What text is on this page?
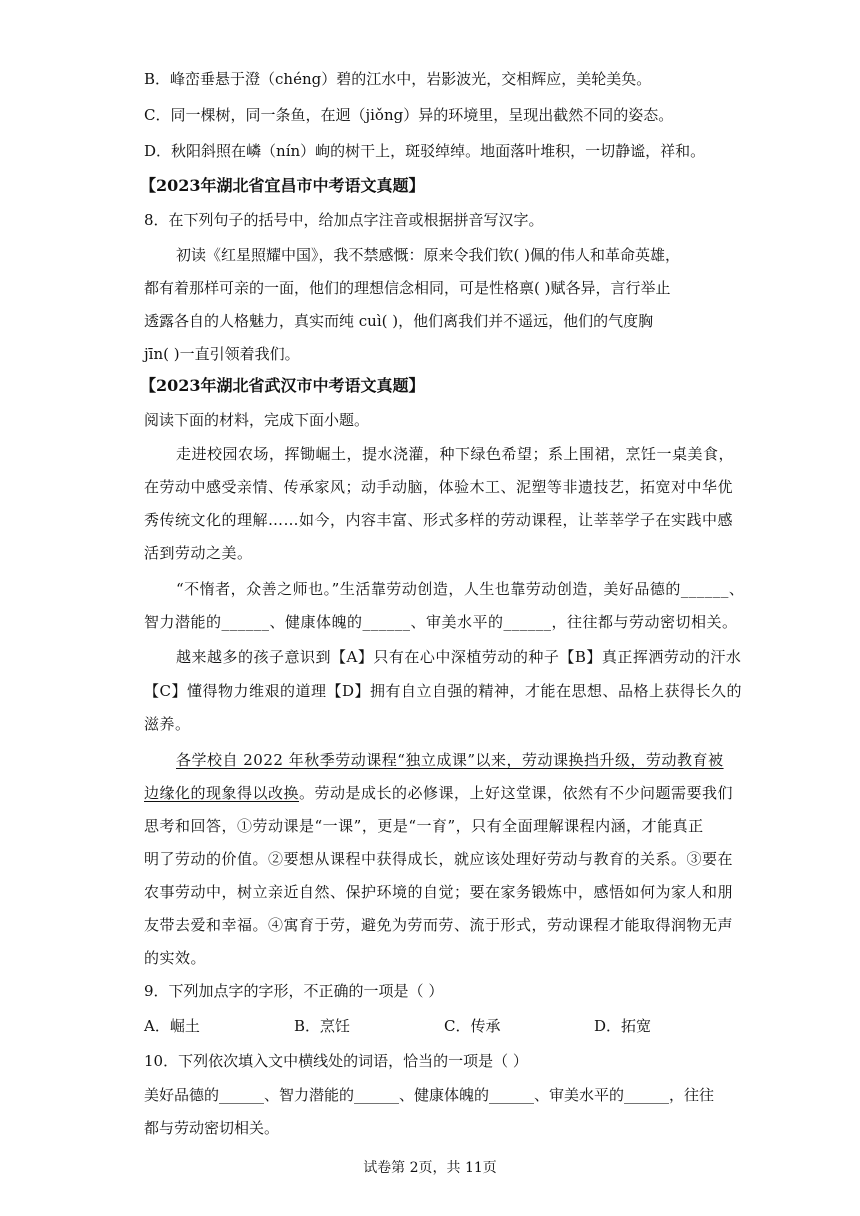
B．峰峦垂悬于澄（chéng）碧的江水中，岩影波光，交相辉应，美轮美奂。
C．同一棵树，同一条鱼，在迥（jiǒng）异的环境里，呈现出截然不同的姿态。
D．秋阳斜照在嶙（nín）峋的树干上，斑驳绰绰。地面落叶堆积，一切静谧，祥和。
【2023年湖北省宜昌市中考语文真题】
8．在下列句子的括号中，给加点字注音或根据拼音写汉字。
初读《红星照耀中国》，我不禁感慨：原来令我们钦( )佩的伟人和革命英雄，
都有着那样可亲的一面，他们的理想信念相同，可是性格禀( )赋各异，言行举止
透露各自的人格魅力，真实而纯 cuì( )，他们离我们并不遥远，他们的气度胸
jīn( )一直引领着我们。
【2023年湖北省武汉市中考语文真题】
阅读下面的材料，完成下面小题。
走进校园农场，挥锄崛土，提水浇灌，种下绿色希望；系上围裙，烹饪一桌美食，
在劳动中感受亲情、传承家风；动手动脑，体验木工、泥塑等非遗技艺，拓宽对中华优
秀传统文化的理解……如今，内容丰富、形式多样的劳动课程，让莘莘学子在实践中感
活到劳动之美。
“不惰者，众善之师也。”生活靠劳动创造，人生也靠劳动创造，美好品德的______、
智力潜能的______、健康体魄的______、审美水平的______，往往都与劳动密切相关。
越来越多的孩子意识到【A】只有在心中深植劳动的种子【B】真正挥洒劳动的汗水
【C】懂得物力维艰的道理【D】拥有自立自强的精神，才能在思想、品格上获得长久的
滋养。
各学校自 2022 年秋季劳动课程“独立成课”以来，劳动课换挡升级，劳动教育被
边缘化的现象得以改换。劳动是成长的必修课，上好这堂课，依然有不少问题需要我们
思考和回答，①劳动课是“一课”，更是“一育”，只有全面理解课程内涵，才能真正
明了劳动的价值。②要想从课程中获得成长，就应该处理好劳动与教育的关系。③要在
农事劳动中，树立亲近自然、保护环境的自觉；要在家务锻炼中，感悟如何为家人和朋
友带去爱和幸福。④寓育于劳，避免为劳而劳、流于形式，劳动课程才能取得润物无声
的实效。
9．下列加点字的字形，不正确的一项是（ ）
A．崛土	B．烹饪	C．传承	D．拓宽
10．下列依次填入文中横线处的词语，恰当的一项是（ ）
美好品德的______、智力潜能的______、健康体魄的______、审美水平的______，往往
都与劳动密切相关。
试卷第 2页，共 11页
